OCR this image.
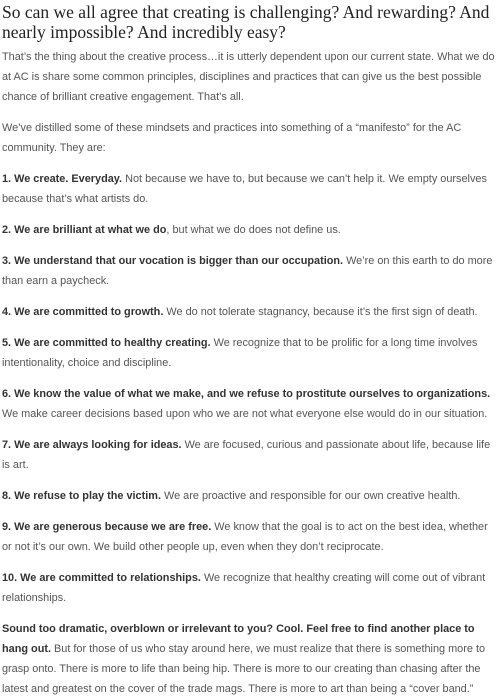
So can we all agree that creating is challenging? And rewarding? And nearly impossible? And incredibly easy?

That’s the thing about the creative process…it is utterly dependent upon our current state. What we do at AC is share some common principles, disciplines and practices that can give us the best possible chance of brilliant creative engagement. That’s all.

We’ve distilled some of these mindsets and practices into something of a “manifesto” for the AC community. They are:

1. We create. Everyday. Not because we have to, but because we can’t help it. We empty ourselves because that’s what artists do.

2. We are brilliant at what we do, but what we do does not define us.

3. We understand that our vocation is bigger than our occupation. We’re on this earth to do more than earn a paycheck.

4. We are committed to growth. We do not tolerate stagnancy, because it’s the first sign of death.

5. We are committed to healthy creating. We recognize that to be prolific for a long time involves intentionality, choice and discipline.

6. We know the value of what we make, and we refuse to prostitute ourselves to organizations. We make career decisions based upon who we are not what everyone else would do in our situation.

7. We are always looking for ideas. We are focused, curious and passionate about life, because life is art.

8. We refuse to play the victim. We are proactive and responsible for our own creative health.

9. We are generous because we are free. We know that the goal is to act on the best idea, whether or not it’s our own. We build other people up, even when they don’t reciprocate.

10. We are committed to relationships. We recognize that healthy creating will come out of vibrant relationships.

Sound too dramatic, overblown or irrelevant to you? Cool. Feel free to find another place to hang out. But for those of us who stay around here, we must realize that there is something more to grasp onto. There is more to life than being hip. There is more to our creating than chasing after the latest and greatest on the cover of the trade mags. There is more to art than being a “cover band.”
